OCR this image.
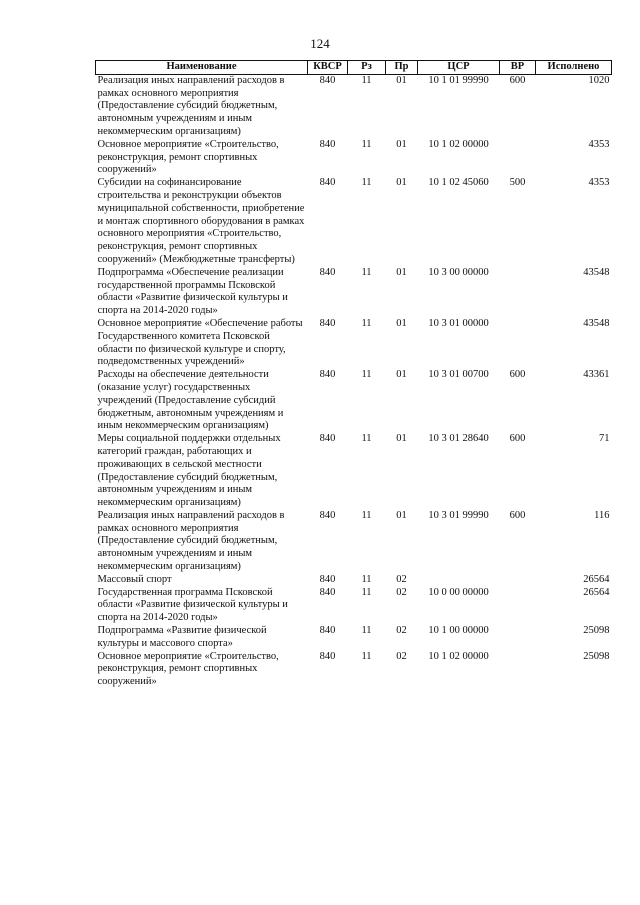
124
Наименование	КВСР	Рз	Пр	ЦСР	ВР	Исполнено
Реализация иных направлений расходов в рамках основного мероприятия (Предоставление субсидий бюджетным, автономным учреждениям и иным некоммерческим организациям)	840	11	01	10 1 01 99990	600	1020
Основное мероприятие «Строительство, реконструкция, ремонт спортивных сооружений»	840	11	01	10 1 02 00000		4353
Субсидии на софинансирование строительства и реконструкции объектов муниципальной собственности, приобретение и монтаж спортивного оборудования в рамках основного мероприятия «Строительство, реконструкция, ремонт спортивных сооружений» (Межбюджетные трансферты)	840	11	01	10 1 02 45060	500	4353
Подпрограмма «Обеспечение реализации государственной программы Псковской области «Развитие физической культуры и спорта на 2014-2020 годы»	840	11	01	10 3 00 00000		43548
Основное мероприятие «Обеспечение работы Государственного комитета Псковской области по физической культуре и спорту, подведомственных учреждений»	840	11	01	10 3 01 00000		43548
Расходы на обеспечение деятельности (оказание услуг) государственных учреждений (Предоставление субсидий бюджетным, автономным учреждениям и иным некоммерческим организациям)	840	11	01	10 3 01 00700	600	43361
Меры социальной поддержки отдельных категорий граждан, работающих и проживающих в сельской местности (Предоставление субсидий бюджетным, автономным учреждениям и иным некоммерческим организациям)	840	11	01	10 3 01 28640	600	71
Реализация иных направлений расходов в рамках основного мероприятия (Предоставление субсидий бюджетным, автономным учреждениям и иным некоммерческим организациям)	840	11	01	10 3 01 99990	600	116
Массовый спорт	840	11	02			26564
Государственная программа Псковской области «Развитие физической культуры и спорта на 2014-2020 годы»	840	11	02	10 0 00 00000		26564
Подпрограмма «Развитие физической культуры и массового спорта»	840	11	02	10 1 00 00000		25098
Основное мероприятие «Строительство, реконструкция, ремонт спортивных сооружений»	840	11	02	10 1 02 00000		25098
